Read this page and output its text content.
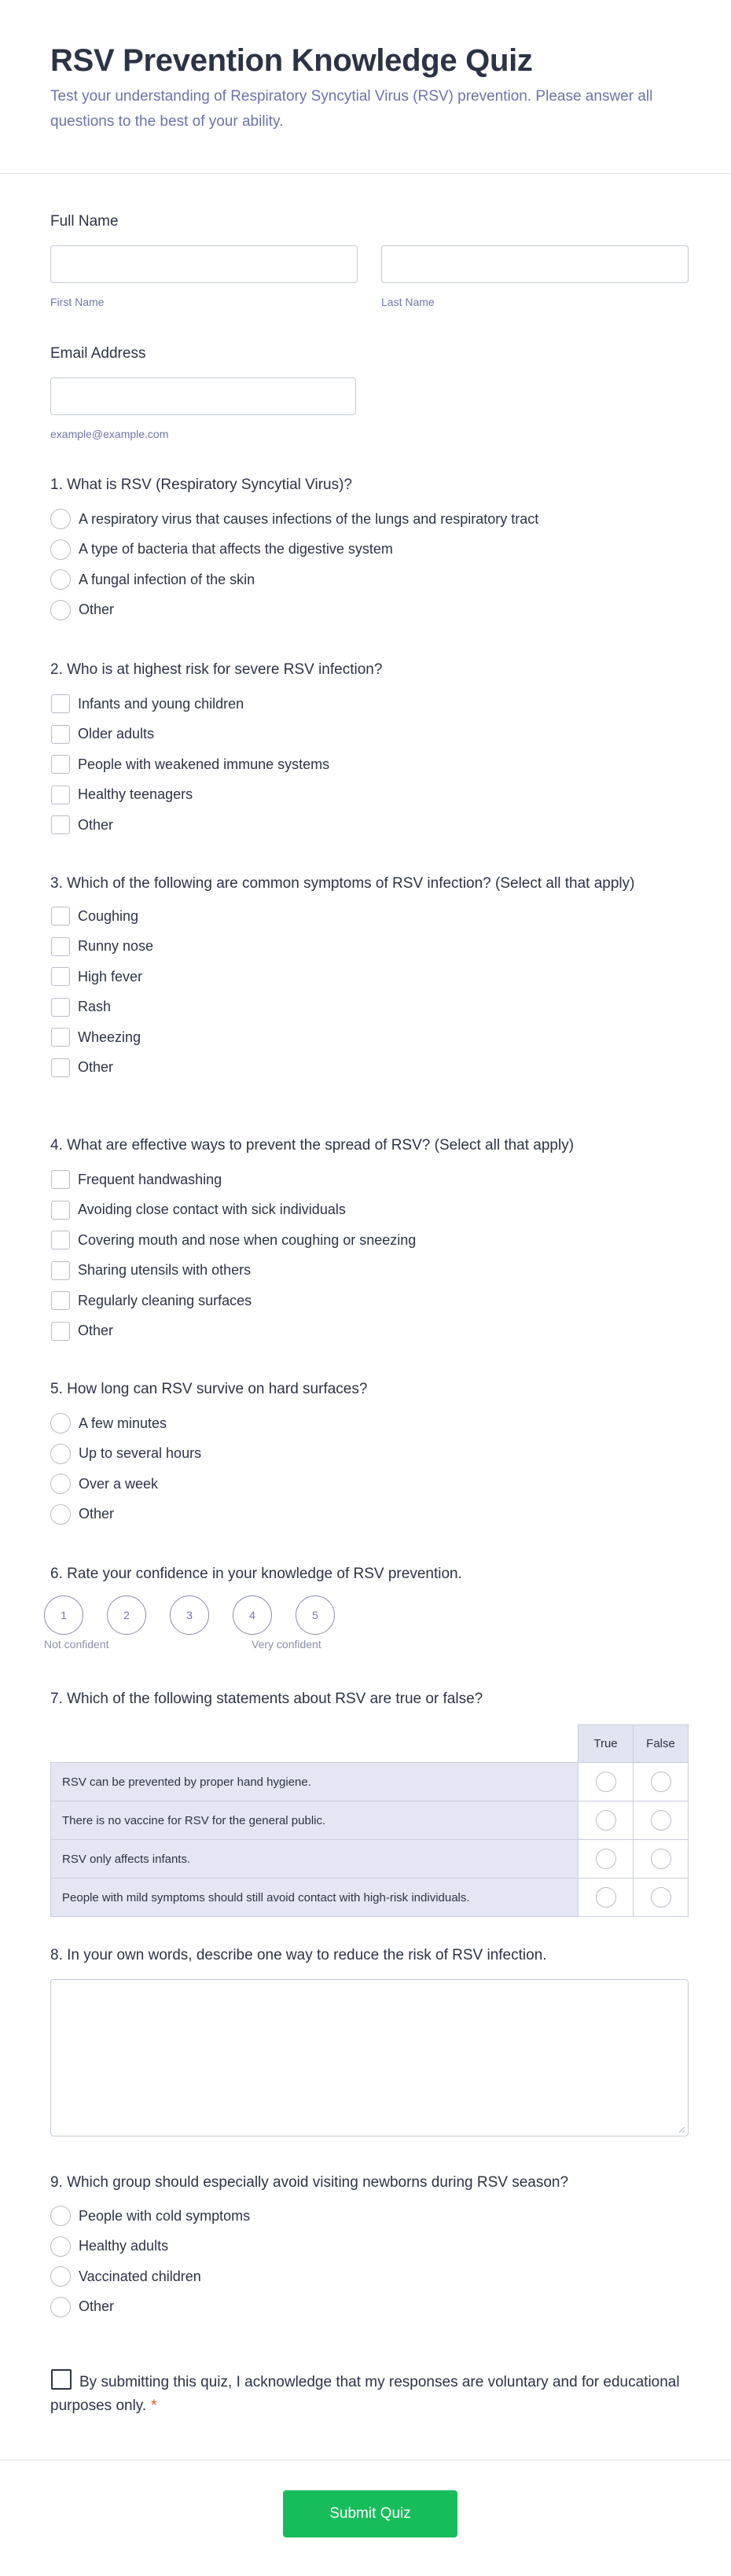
RSV Prevention Knowledge Quiz

Test your understanding of Respiratory Syncytial Virus (RSV) prevention. Please answer all questions to the best of your ability.

Full Name
First Name	Last Name
Email Address
example@example.com
1. What is RSV (Respiratory Syncytial Virus)?
A respiratory virus that causes infections of the lungs and respiratory tract
A type of bacteria that affects the digestive system
A fungal infection of the skin
Other
2. Who is at highest risk for severe RSV infection?
Infants and young children
Older adults
People with weakened immune systems
Healthy teenagers
Other
3. Which of the following are common symptoms of RSV infection? (Select all that apply)
Coughing
Runny nose
High fever
Rash
Wheezing
Other
4. What are effective ways to prevent the spread of RSV? (Select all that apply)
Frequent handwashing
Avoiding close contact with sick individuals
Covering mouth and nose when coughing or sneezing
Sharing utensils with others
Regularly cleaning surfaces
Other
5. How long can RSV survive on hard surfaces?
A few minutes
Up to several hours
Over a week
Other
6. Rate your confidence in your knowledge of RSV prevention.
1	2	3	4	5
Not confident	Very confident
7. Which of the following statements about RSV are true or false?
	True	False
RSV can be prevented by proper hand hygiene.	

There is no vaccine for RSV for the general public.	

RSV only affects infants.	

People with mild symptoms should still avoid contact with high-risk individuals.	

8. In your own words, describe one way to reduce the risk of RSV infection.
9. Which group should especially avoid visiting newborns during RSV season?
People with cold symptoms
Healthy adults
Vaccinated children
Other
By submitting this quiz, I acknowledge that my responses are voluntary and for educational purposes only. *
Submit Quiz
